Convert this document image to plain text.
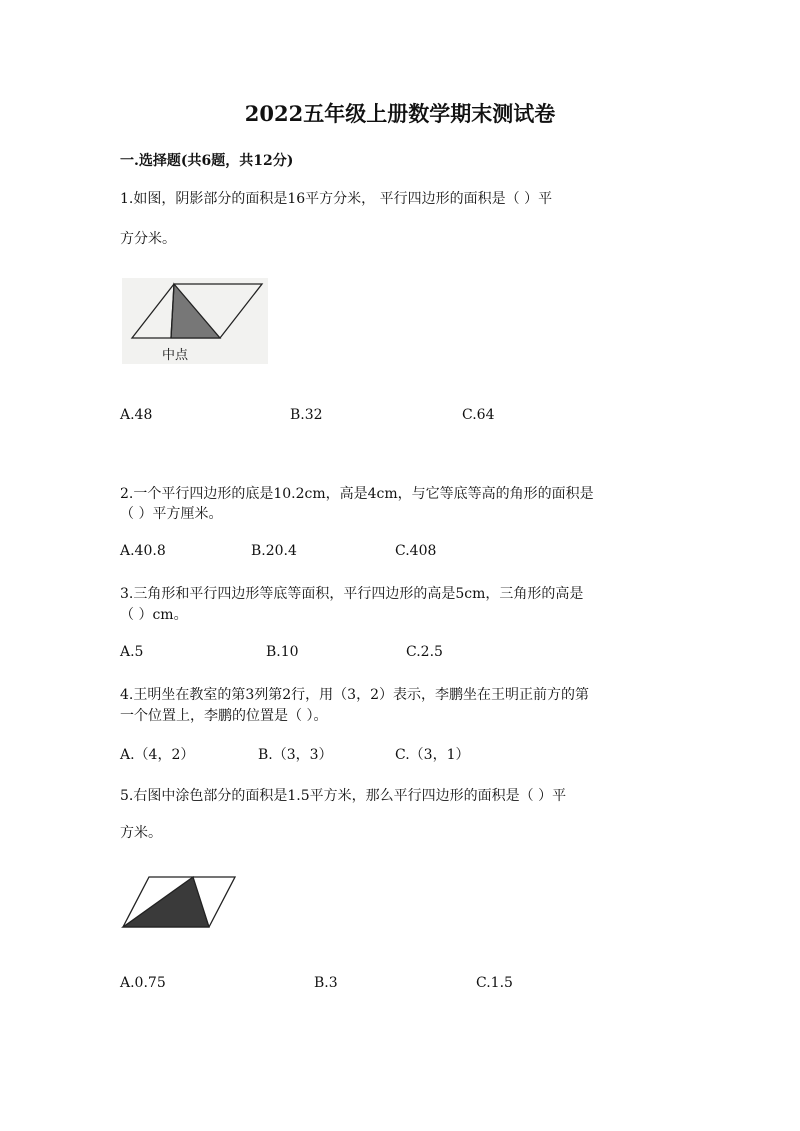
2022五年级上册数学期末测试卷
一.选择题(共6题，共12分)
1.如图，阴影部分的面积是16平方分米， 平行四边形的面积是（ ）平
方分米。
中点
A.48	B.32	C.64
2.一个平行四边形的底是10.2cm，高是4cm，与它等底等高的角形的面积是
（ ）平方厘米。
A.40.8	B.20.4	C.408
3.三角形和平行四边形等底等面积，平行四边形的高是5cm，三角形的高是
（ ）cm。
A.5	B.10	C.2.5
4.王明坐在教室的第3列第2行，用（3，2）表示，李鹏坐在王明正前方的第
一个位置上，李鹏的位置是（ ）。
A.（4，2）	B.（3，3）	C.（3，1）
5.右图中涂色部分的面积是1.5平方米，那么平行四边形的面积是（ ）平
方米。
A.0.75	B.3	C.1.5
